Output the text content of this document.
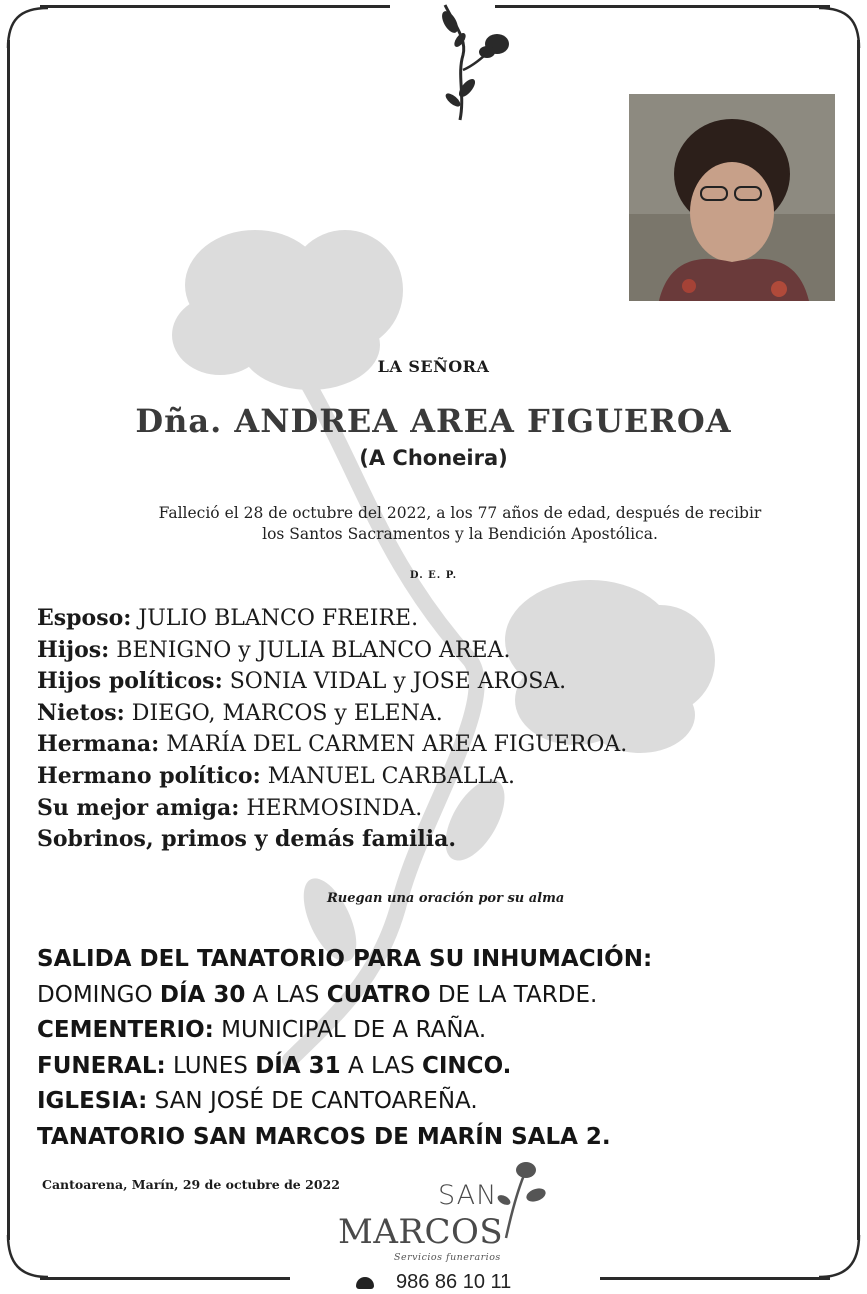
LA SEÑORA
Dña. ANDREA AREA FIGUEROA
(A Choneira)
Falleció el 28 de octubre del 2022, a los 77 años de edad, después de recibir
los Santos Sacramentos y la Bendición Apostólica.
D. E. P.
Esposo: JULIO BLANCO FREIRE.
Hijos: BENIGNO y JULIA BLANCO AREA.
Hijos políticos: SONIA VIDAL y JOSE AROSA.
Nietos: DIEGO, MARCOS y ELENA.
Hermana: MARÍA DEL CARMEN AREA FIGUEROA.
Hermano político: MANUEL CARBALLA.
Su mejor amiga: HERMOSINDA.
Sobrinos, primos y demás familia.
Ruegan una oración por su alma
SALIDA DEL TANATORIO PARA SU INHUMACIÓN:
DOMINGO DÍA 30 A LAS CUATRO DE LA TARDE.
CEMENTERIO: MUNICIPAL DE A RAÑA.
FUNERAL: LUNES DÍA 31 A LAS CINCO.
IGLESIA: SAN JOSÉ DE CANTOAREÑA.
TANATORIO SAN MARCOS DE MARÍN SALA 2.
Cantoarena, Marín, 29 de octubre de 2022	SAN
MARCOS
Servicios funerarios
986 86 10 11
